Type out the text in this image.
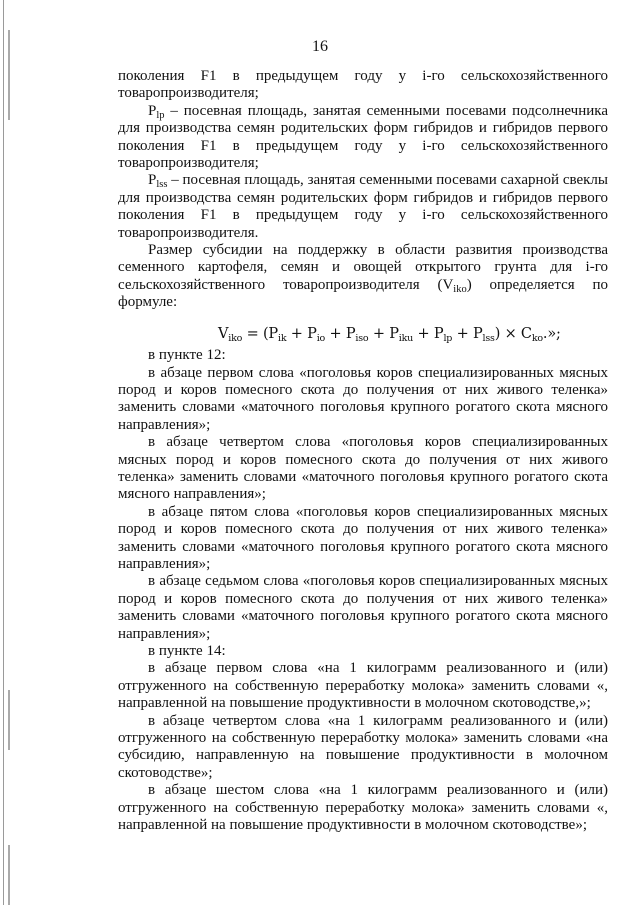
16

поколения F1 в предыдущем году у i-го сельскохозяйственного товаропроизводителя;

$P_{lp}$ – посевная площадь, занятая семенными посевами подсолнечника для производства семян родительских форм гибридов и гибридов первого поколения F1 в предыдущем году у i-го сельскохозяйственного товаропроизводителя;

$P_{lss}$ – посевная площадь, занятая семенными посевами сахарной свеклы для производства семян родительских форм гибридов и гибридов первого поколения F1 в предыдущем году у i-го сельскохозяйственного товаропроизводителя.

Размер субсидии на поддержку в области развития производства семенного картофеля, семян и овощей открытого грунта для i-го сельскохозяйственного товаропроизводителя $(V_{iko})$ определяется по формуле:

$V_{iko} = (P_{ik} + P_{io} + P_{iso} + P_{iku} + P_{lp} + P_{lss}) \times C_{ko}$.»;

в пункте 12:

в абзаце первом слова «поголовья коров специализированных мясных пород и коров помесного скота до получения от них живого теленка» заменить словами «маточного поголовья крупного рогатого скота мясного направления»;

в абзаце четвертом слова «поголовья коров специализированных мясных пород и коров помесного скота до получения от них живого теленка» заменить словами «маточного поголовья крупного рогатого скота мясного направления»;

в абзаце пятом слова «поголовья коров специализированных мясных пород и коров помесного скота до получения от них живого теленка» заменить словами «маточного поголовья крупного рогатого скота мясного направления»;

в абзаце седьмом слова «поголовья коров специализированных мясных пород и коров помесного скота до получения от них живого теленка» заменить словами «маточного поголовья крупного рогатого скота мясного направления»;

в пункте 14:

в абзаце первом слова «на 1 килограмм реализованного и (или) отгруженного на собственную переработку молока» заменить словами «, направленной на повышение продуктивности в молочном скотоводстве,»;

в абзаце четвертом слова «на 1 килограмм реализованного и (или) отгруженного на собственную переработку молока» заменить словами «на субсидию, направленную на повышение продуктивности в молочном скотоводстве»;

в абзаце шестом слова «на 1 килограмм реализованного и (или) отгруженного на собственную переработку молока» заменить словами «, направленной на повышение продуктивности в молочном скотоводстве»;
